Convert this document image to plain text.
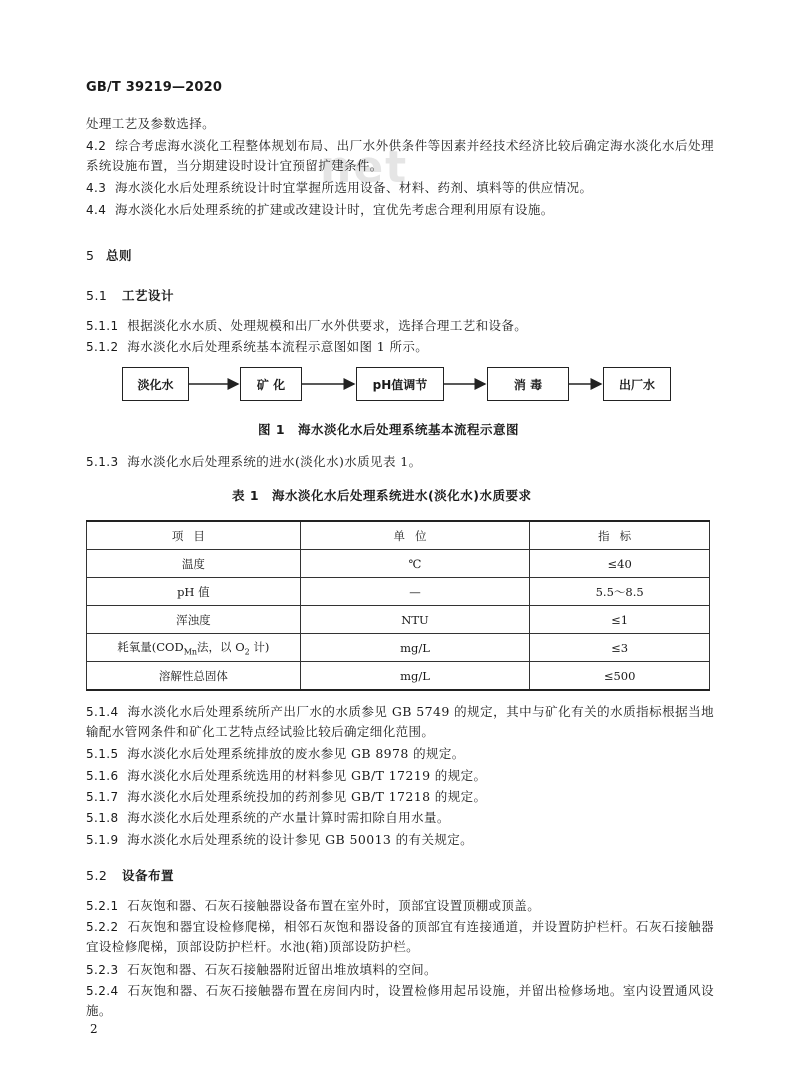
GB/T 39219—2020
net
处理工艺及参数选择。
4.2 综合考虑海水淡化工程整体规划布局、出厂水外供条件等因素并经技术经济比较后确定海水淡化水后处理系统设施布置，当分期建设时设计宜预留扩建条件。
4.3 海水淡化水后处理系统设计时宜掌握所选用设备、材料、药剂、填料等的供应情况。
4.4 海水淡化水后处理系统的扩建或改建设计时，宜优先考虑合理利用原有设施。
5 总则
5.1 工艺设计
5.1.1 根据淡化水水质、处理规模和出厂水外供要求，选择合理工艺和设备。
5.1.2 海水淡化水后处理系统基本流程示意图如图 1 所示。
淡化水	矿 化	pH值调节	消 毒	出厂水
图 1　海水淡化水后处理系统基本流程示意图
5.1.3 海水淡化水后处理系统的进水(淡化水)水质见表 1。
表 1　海水淡化水后处理系统进水(淡化水)水质要求
项目	单位	指标
温度	℃	≤40
pH 值	—	5.5～8.5
浑浊度	NTU	≤1
耗氧量($COD_{Mn}$法，以 $O_2$ 计)	mg/L	≤3
溶解性总固体	mg/L	≤500
5.1.4 海水淡化水后处理系统所产出厂水的水质参见 GB 5749 的规定，其中与矿化有关的水质指标根据当地输配水管网条件和矿化工艺特点经试验比较后确定细化范围。
5.1.5 海水淡化水后处理系统排放的废水参见 GB 8978 的规定。
5.1.6 海水淡化水后处理系统选用的材料参见 GB/T 17219 的规定。
5.1.7 海水淡化水后处理系统投加的药剂参见 GB/T 17218 的规定。
5.1.8 海水淡化水后处理系统的产水量计算时需扣除自用水量。
5.1.9 海水淡化水后处理系统的设计参见 GB 50013 的有关规定。
5.2 设备布置
5.2.1 石灰饱和器、石灰石接触器设备布置在室外时，顶部宜设置顶棚或顶盖。
5.2.2 石灰饱和器宜设检修爬梯，相邻石灰饱和器设备的顶部宜有连接通道，并设置防护栏杆。石灰石接触器宜设检修爬梯，顶部设防护栏杆。水池(箱)顶部设防护栏。
5.2.3 石灰饱和器、石灰石接触器附近留出堆放填料的空间。
5.2.4 石灰饱和器、石灰石接触器布置在房间内时，设置检修用起吊设施，并留出检修场地。室内设置通风设施。
2
